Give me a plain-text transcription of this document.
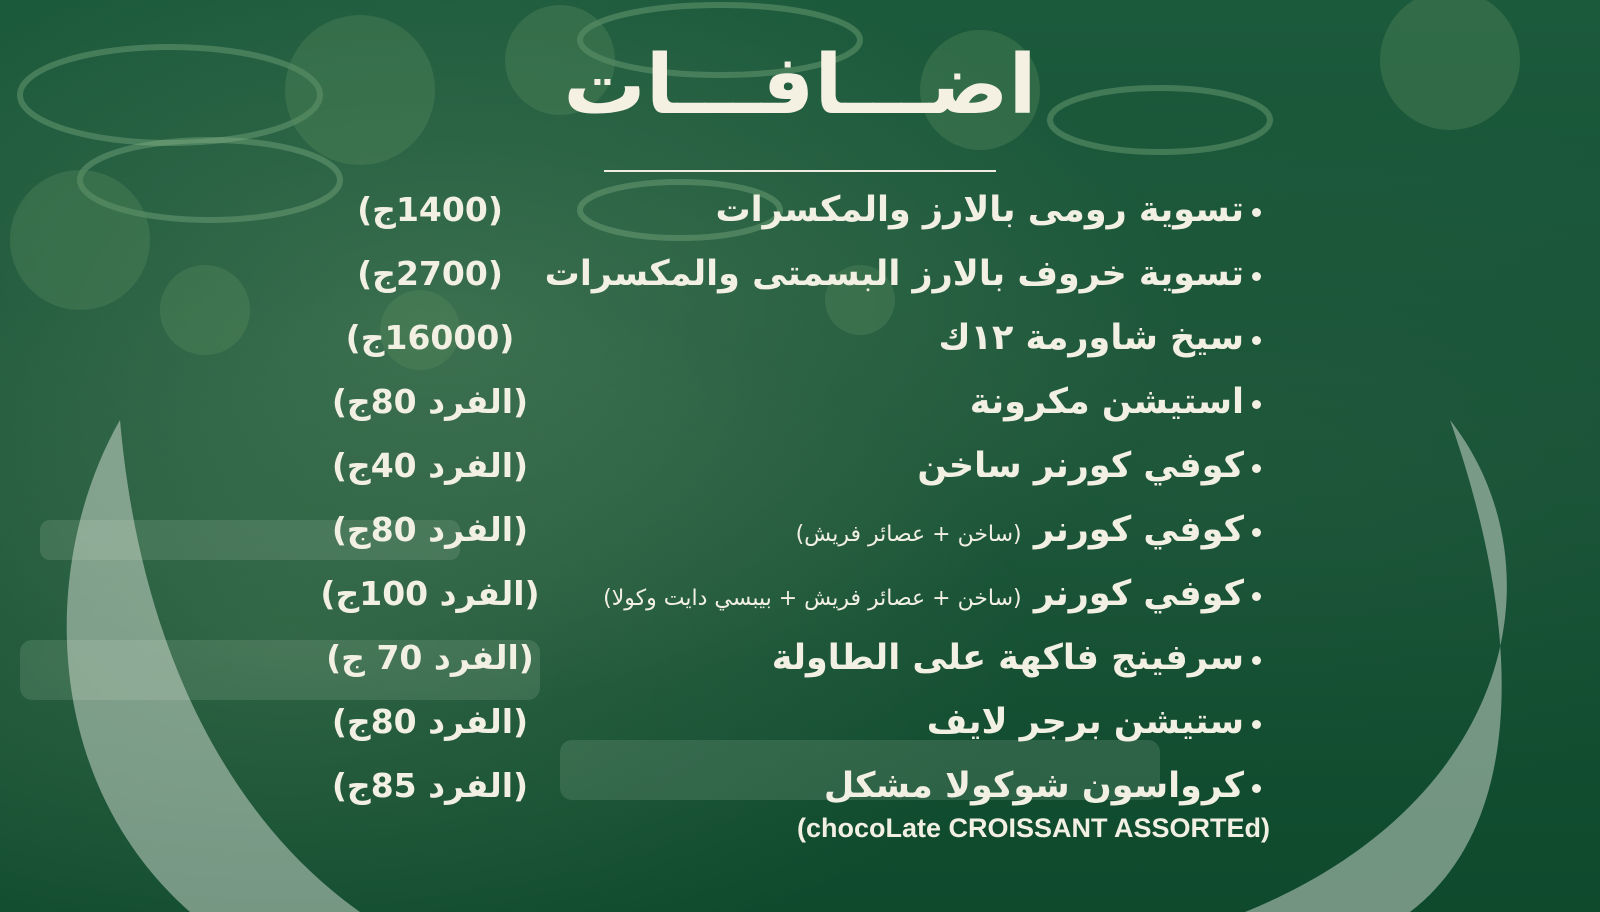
اضـــافـــات
تسوية رومى بالارز والمكسرات
(1400ج)
تسوية خروف بالارز البسمتى والمكسرات
(2700ج)
سيخ شاورمة ١٢ك
(16000ج)
استيشن مكرونة
(الفرد 80ج)
كوفي كورنر ساخن
(الفرد 40ج)
كوفي كورنر (ساخن + عصائر فريش)
(الفرد 80ج)
كوفي كورنر (ساخن + عصائر فريش + بيبسي دايت وكولا)
(الفرد 100ج)
سرفينج فاكهة على الطاولة
(الفرد 70 ج)
ستيشن برجر لايف
(الفرد 80ج)
كرواسون شوكولا مشكل
(الفرد 85ج)
(chocoLate CROISSANT ASSORTEd)
